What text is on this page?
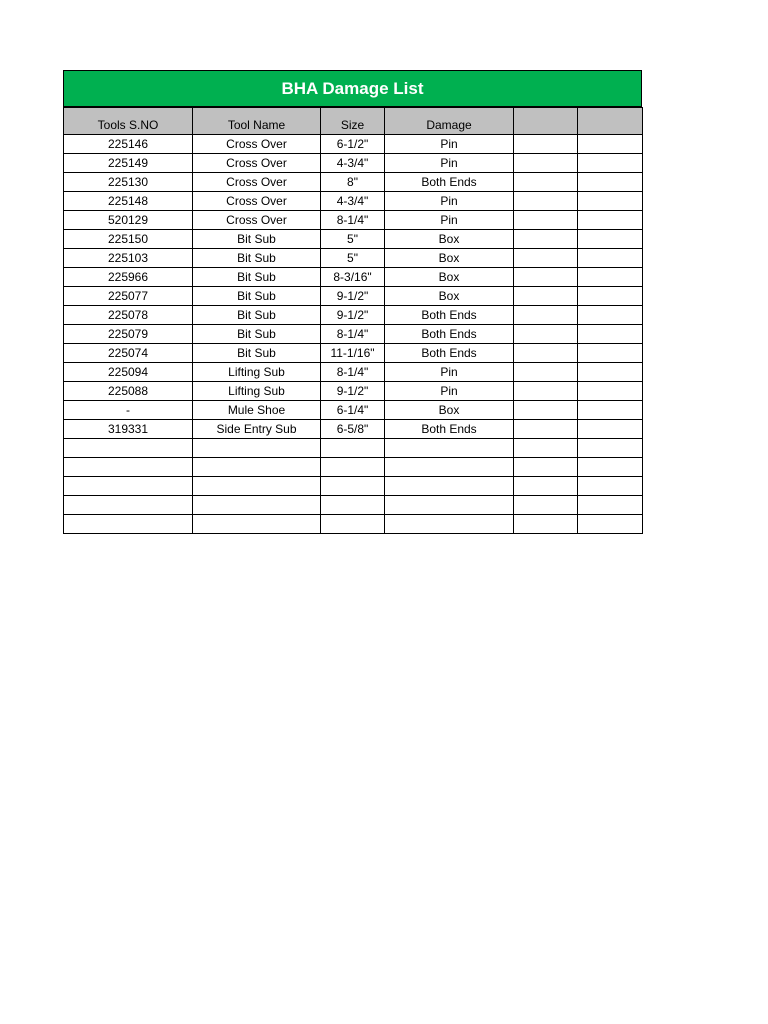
BHA Damage List
Tools S.NO	Tool Name	Size	Damage		
225146	Cross Over	6-1/2"	Pin		
225149	Cross Over	4-3/4"	Pin		
225130	Cross Over	8"	Both Ends		
225148	Cross Over	4-3/4"	Pin		
520129	Cross Over	8-1/4"	Pin		
225150	Bit Sub	5"	Box		
225103	Bit Sub	5"	Box		
225966	Bit Sub	8-3/16"	Box		
225077	Bit Sub	9-1/2"	Box		
225078	Bit Sub	9-1/2"	Both Ends		
225079	Bit Sub	8-1/4"	Both Ends		
225074	Bit Sub	11-1/16"	Both Ends		
225094	Lifting Sub	8-1/4"	Pin		
225088	Lifting Sub	9-1/2"	Pin		
-	Mule Shoe	6-1/4"	Box		
319331	Side Entry Sub	6-5/8"	Both Ends		
